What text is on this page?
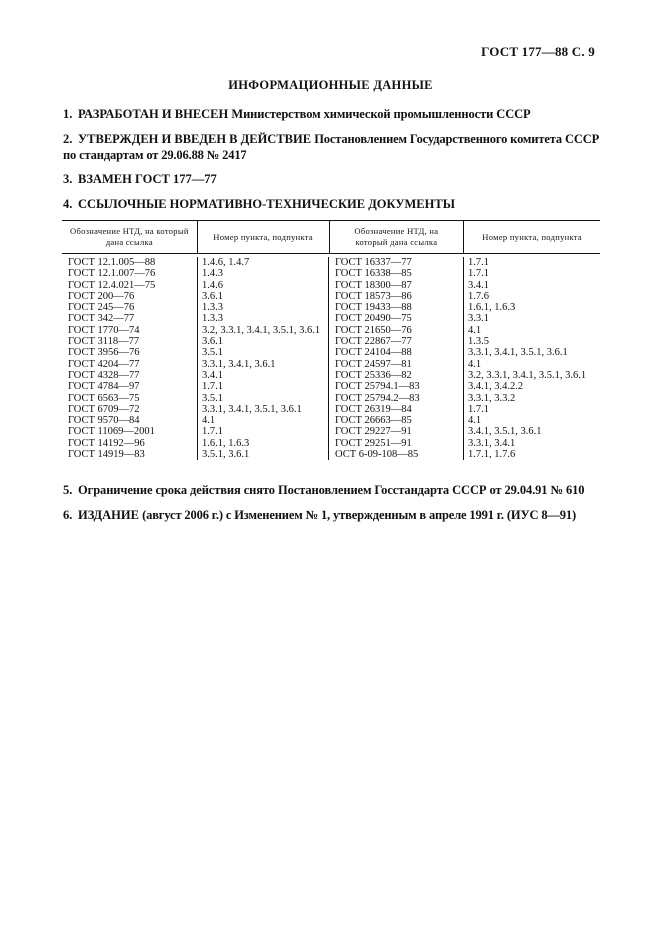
ГОСТ 177—88 С. 9
ИНФОРМАЦИОННЫЕ ДАННЫЕ
1. РАЗРАБОТАН И ВНЕСЕН Министерством химической промышленности СССР
2. УТВЕРЖДЕН И ВВЕДЕН В ДЕЙСТВИЕ Постановлением Государственного комитета СССР по стандартам от 29.06.88 № 2417
3. ВЗАМЕН ГОСТ 177—77
4. ССЫЛОЧНЫЕ НОРМАТИВНО-ТЕХНИЧЕСКИЕ ДОКУМЕНТЫ
Обозначение НТД, на который дана ссылка
Номер пункта, подпункта
Обозначение НТД, на который дана ссылка
Номер пункта, подпункта
ГОСТ 12.1.005—88
ГОСТ 12.1.007—76
ГОСТ 12.4.021—75
ГОСТ 200—76
ГОСТ 245—76
ГОСТ 342—77
ГОСТ 1770—74
ГОСТ 3118—77
ГОСТ 3956—76
ГОСТ 4204—77
ГОСТ 4328—77
ГОСТ 4784—97
ГОСТ 6563—75
ГОСТ 6709—72
ГОСТ 9570—84
ГОСТ 11069—2001
ГОСТ 14192—96
ГОСТ 14919—83
1.4.6, 1.4.7
1.4.3
1.4.6
3.6.1
1.3.3
1.3.3
3.2, 3.3.1, 3.4.1, 3.5.1, 3.6.1
3.6.1
3.5.1
3.3.1, 3.4.1, 3.6.1
3.4.1
1.7.1
3.5.1
3.3.1, 3.4.1, 3.5.1, 3.6.1
4.1
1.7.1
1.6.1, 1.6.3
3.5.1, 3.6.1
ГОСТ 16337—77
ГОСТ 16338—85
ГОСТ 18300—87
ГОСТ 18573—86
ГОСТ 19433—88
ГОСТ 20490—75
ГОСТ 21650—76
ГОСТ 22867—77
ГОСТ 24104—88
ГОСТ 24597—81
ГОСТ 25336—82
ГОСТ 25794.1—83
ГОСТ 25794.2—83
ГОСТ 26319—84
ГОСТ 26663—85
ГОСТ 29227—91
ГОСТ 29251—91
ОСТ 6-09-108—85
1.7.1
1.7.1
3.4.1
1.7.6
1.6.1, 1.6.3
3.3.1
4.1
1.3.5
3.3.1, 3.4.1, 3.5.1, 3.6.1
4.1
3.2, 3.3.1, 3.4.1, 3.5.1, 3.6.1
3.4.1, 3.4.2.2
3.3.1, 3.3.2
1.7.1
4.1
3.4.1, 3.5.1, 3.6.1
3.3.1, 3.4.1
1.7.1, 1.7.6
5. Ограничение срока действия снято Постановлением Госстандарта СССР от 29.04.91 № 610
6. ИЗДАНИЕ (август 2006 г.) с Изменением № 1, утвержденным в апреле 1991 г. (ИУС 8—91)
